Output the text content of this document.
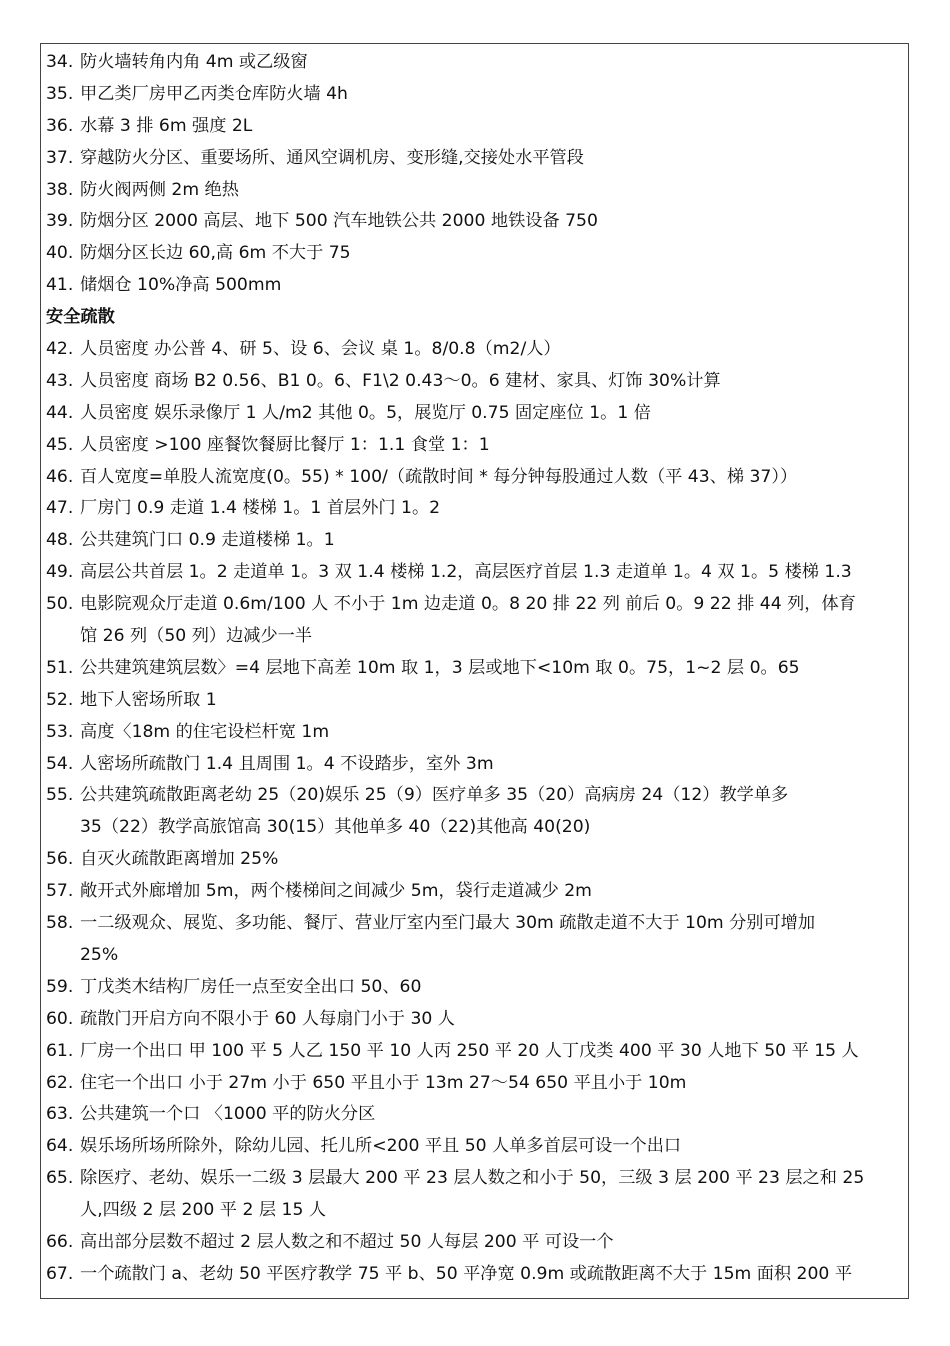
34. 防火墙转角内角 4m 或乙级窗
35. 甲乙类厂房甲乙丙类仓库防火墙 4h
36. 水幕 3 排 6m 强度 2L
37. 穿越防火分区、重要场所、通风空调机房、变形缝,交接处水平管段
38. 防火阀两侧 2m 绝热
39. 防烟分区 2000 高层、地下 500 汽车地铁公共 2000 地铁设备 750
40. 防烟分区长边 60,高 6m 不大于 75
41. 储烟仓 10%净高 500mm
安全疏散
42. 人员密度 办公普 4、研 5、设 6、会议 桌 1。8/0.8（m2/人）
43. 人员密度 商场 B2 0.56、B1 0。6、F1\2 0.43～0。6 建材、家具、灯饰 30%计算
44. 人员密度 娱乐录像厅 1 人/m2 其他 0。5，展览厅 0.75 固定座位 1。1 倍
45. 人员密度 >100 座餐饮餐厨比餐厅 1：1.1 食堂 1：1
46. 百人宽度=单股人流宽度(0。55) * 100/（疏散时间 * 每分钟每股通过人数（平 43、梯 37））
47. 厂房门 0.9 走道 1.4 楼梯 1。1 首层外门 1。2
48. 公共建筑门口 0.9 走道楼梯 1。1
49. 高层公共首层 1。2 走道单 1。3 双 1.4 楼梯 1.2，高层医疗首层 1.3 走道单 1。4 双 1。5 楼梯 1.3
50. 电影院观众厅走道 0.6m/100 人 不小于 1m 边走道 0。8 20 排 22 列 前后 0。9 22 排 44 列，体育
馆 26 列（50 列）边减少一半
51. 公共建筑建筑层数〉=4 层地下高差 10m 取 1，3 层或地下<10m 取 0。75，1~2 层 0。65
52. 地下人密场所取 1
53. 高度〈18m 的住宅设栏杆宽 1m
54. 人密场所疏散门 1.4 且周围 1。4 不设踏步，室外 3m
55. 公共建筑疏散距离老幼 25（20)娱乐 25（9）医疗单多 35（20）高病房 24（12）教学单多
35（22）教学高旅馆高 30(15）其他单多 40（22)其他高 40(20)
56. 自灭火疏散距离增加 25%
57. 敞开式外廊增加 5m，两个楼梯间之间减少 5m，袋行走道减少 2m
58. 一二级观众、展览、多功能、餐厅、营业厅室内至门最大 30m 疏散走道不大于 10m 分别可增加
25%
59. 丁戊类木结构厂房任一点至安全出口 50、60
60. 疏散门开启方向不限小于 60 人每扇门小于 30 人
61. 厂房一个出口 甲 100 平 5 人乙 150 平 10 人丙 250 平 20 人丁戊类 400 平 30 人地下 50 平 15 人
62. 住宅一个出口 小于 27m 小于 650 平且小于 13m 27～54 650 平且小于 10m
63. 公共建筑一个口 〈1000 平的防火分区
64. 娱乐场所场所除外，除幼儿园、托儿所<200 平且 50 人单多首层可设一个出口
65. 除医疗、老幼、娱乐一二级 3 层最大 200 平 23 层人数之和小于 50，三级 3 层 200 平 23 层之和 25
人,四级 2 层 200 平 2 层 15 人
66. 高出部分层数不超过 2 层人数之和不超过 50 人每层 200 平 可设一个
67. 一个疏散门 a、老幼 50 平医疗教学 75 平 b、50 平净宽 0.9m 或疏散距离不大于 15m 面积 200 平
